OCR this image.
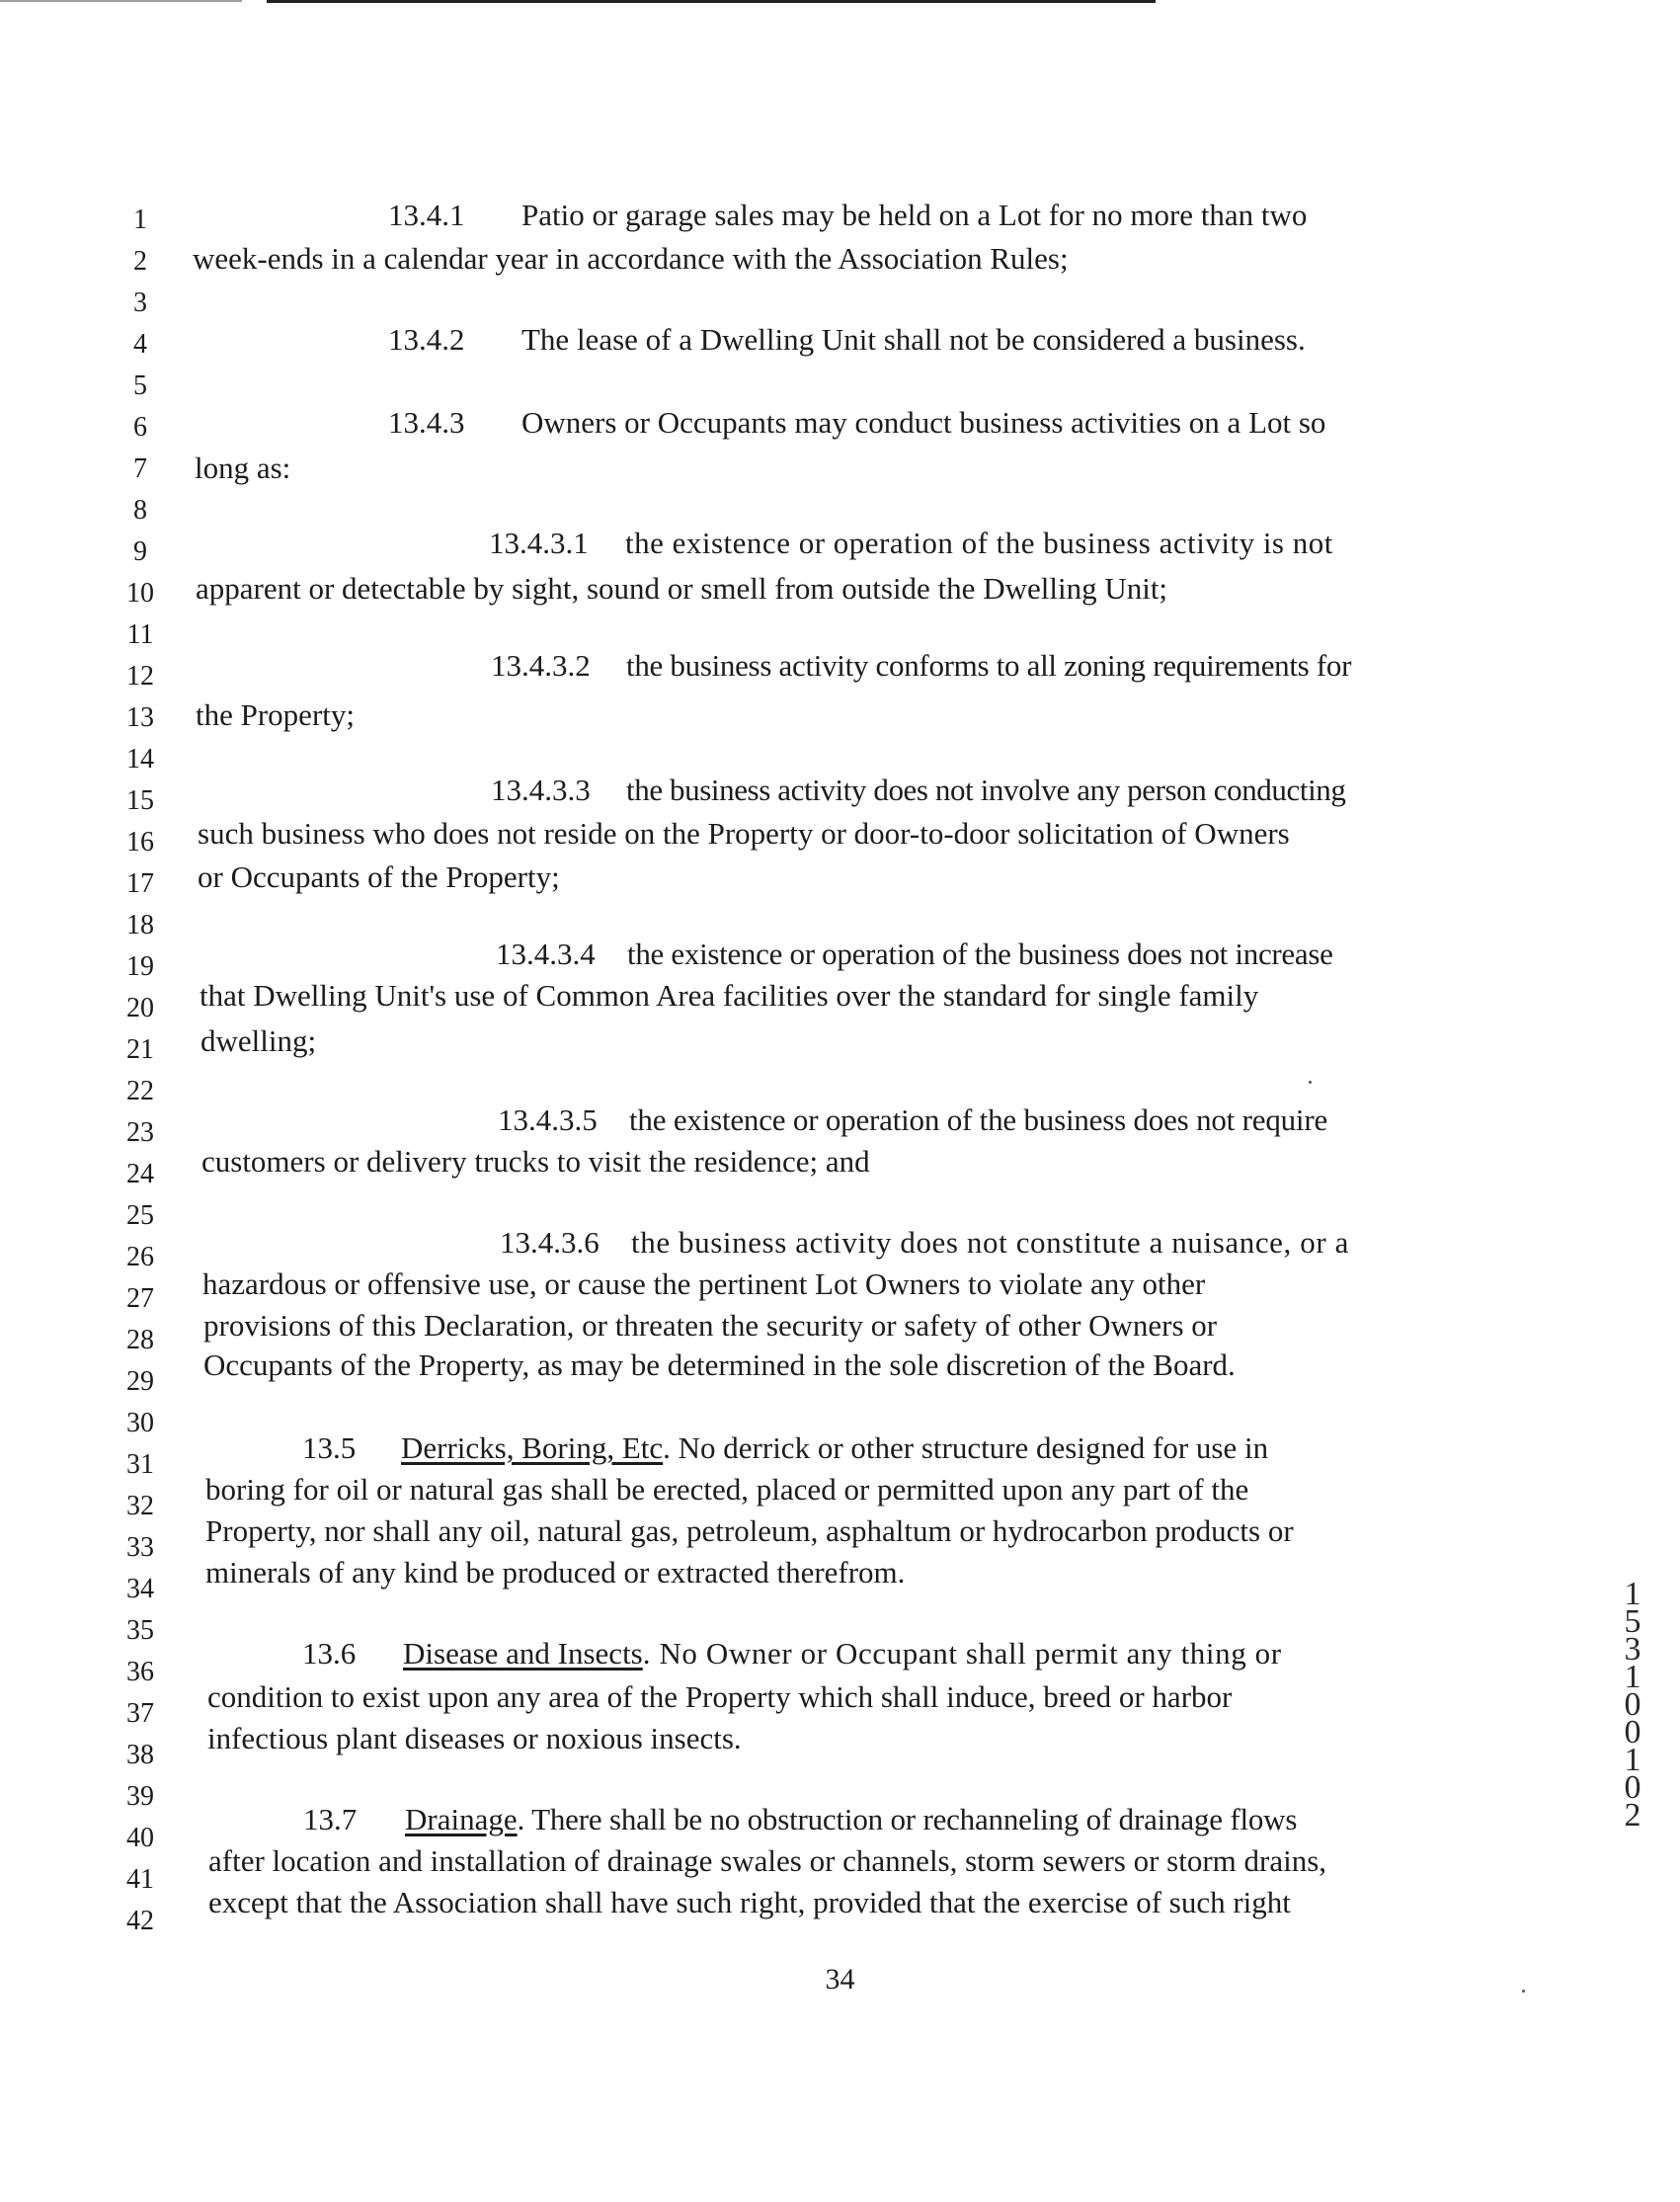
1
2
3
4
5
6
7
8
9
10
11
12
13
14
15
16
17
18
19
20
21
22
23
24
25
26
27
28
29
30
31
32
33
34
35
36
37
38
39
40
41
42
13.4.1 Patio or garage sales may be held on a Lot for no more than two
week-ends in a calendar year in accordance with the Association Rules;
13.4.2 The lease of a Dwelling Unit shall not be considered a business.
13.4.3 Owners or Occupants may conduct business activities on a Lot so
long as:
13.4.3.1 the existence or operation of the business activity is not
apparent or detectable by sight, sound or smell from outside the Dwelling Unit;
13.4.3.2 the business activity conforms to all zoning requirements for
the Property;
13.4.3.3 the business activity does not involve any person conducting
such business who does not reside on the Property or door-to-door solicitation of Owners
or Occupants of the Property;
13.4.3.4 the existence or operation of the business does not increase
that Dwelling Unit's use of Common Area facilities over the standard for single family
dwelling;
13.4.3.5 the existence or operation of the business does not require
customers or delivery trucks to visit the residence; and
13.4.3.6 the business activity does not constitute a nuisance, or a
hazardous or offensive use, or cause the pertinent Lot Owners to violate any other
provisions of this Declaration, or threaten the security or safety of other Owners or
Occupants of the Property, as may be determined in the sole discretion of the Board.
13.5 Derricks, Boring, Etc. No derrick or other structure designed for use in
boring for oil or natural gas shall be erected, placed or permitted upon any part of the
Property, nor shall any oil, natural gas, petroleum, asphaltum or hydrocarbon products or
minerals of any kind be produced or extracted therefrom.
13.6 Disease and Insects. No Owner or Occupant shall permit any thing or
condition to exist upon any area of the Property which shall induce, breed or harbor
infectious plant diseases or noxious insects.
13.7 Drainage. There shall be no obstruction or rechanneling of drainage flows
after location and installation of drainage swales or channels, storm sewers or storm drains,
except that the Association shall have such right, provided that the exercise of such right
34
1
5
3
1
0
0
1
0
2
